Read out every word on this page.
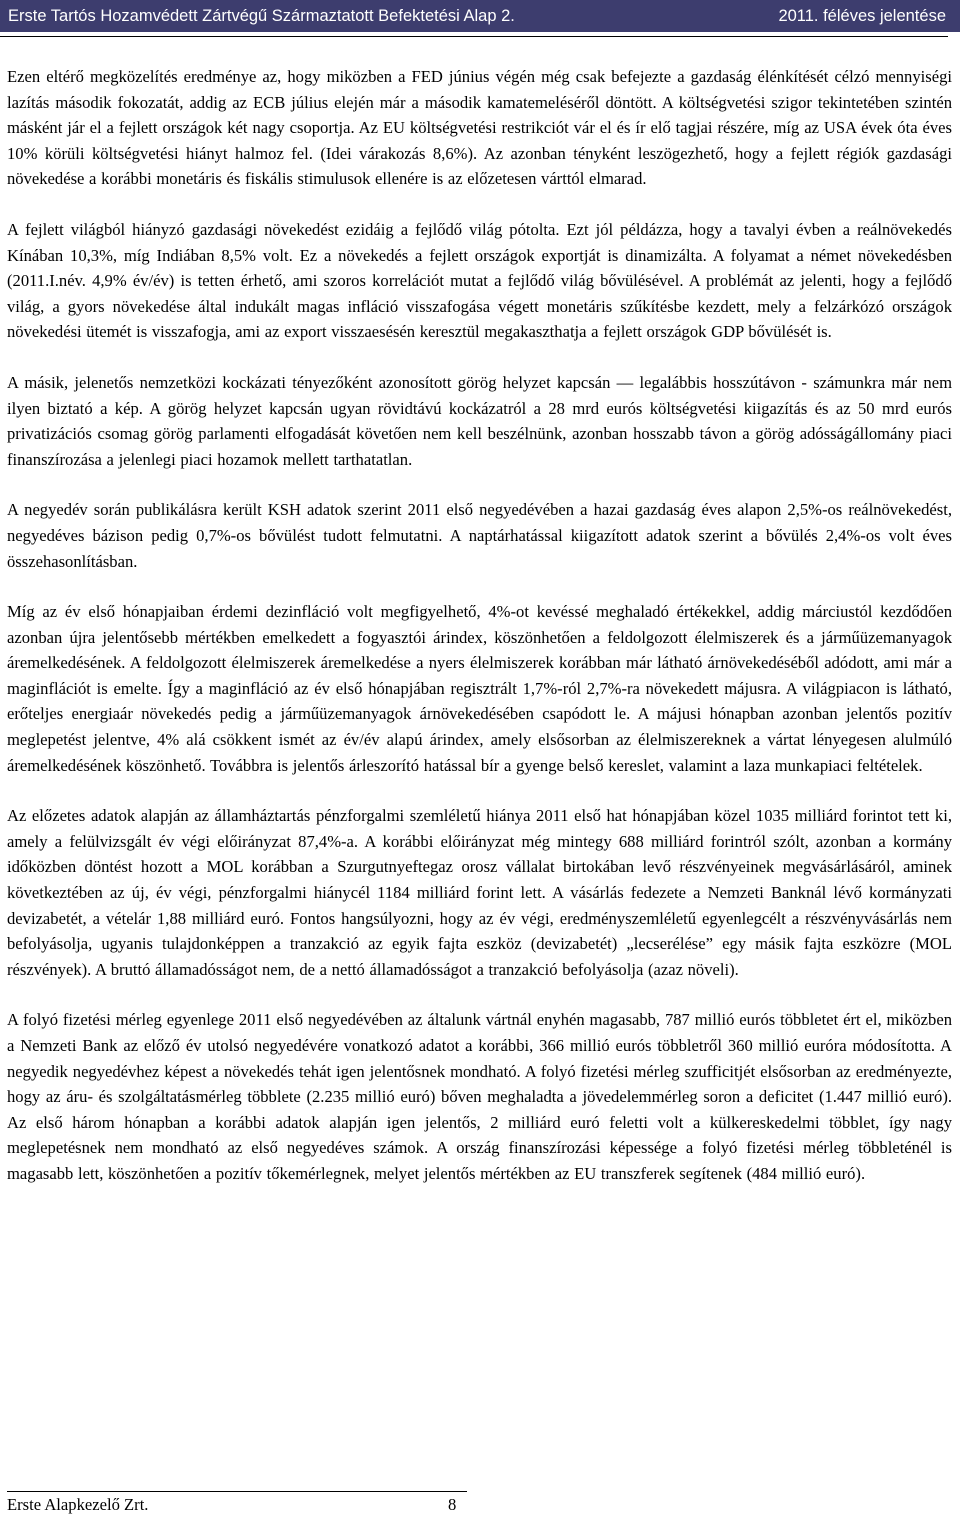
Erste Tartós Hozamvédett Zártvégű Származtatott Befektetési Alap 2.	2011. féléves jelentése

Ezen eltérő megközelítés eredménye az, hogy miközben a FED június végén még csak befejezte a gazdaság élénkítését célzó mennyiségi lazítás második fokozatát, addig az ECB július elején már a második kamatemeléséről döntött. A költségvetési szigor tekintetében szintén másként jár el a fejlett országok két nagy csoportja. Az EU költségvetési restrikciót vár el és ír elő tagjai részére, míg az USA évek óta éves 10% körüli költségvetési hiányt halmoz fel. (Idei várakozás 8,6%). Az azonban tényként leszögezhető, hogy a fejlett régiók gazdasági növekedése a korábbi monetáris és fiskális stimulusok ellenére is az előzetesen várttól elmarad.

A fejlett világból hiányzó gazdasági növekedést ezidáig a fejlődő világ pótolta. Ezt jól példázza, hogy a tavalyi évben a reálnövekedés Kínában 10,3%, míg Indiában 8,5% volt. Ez a növekedés a fejlett országok exportját is dinamizálta. A folyamat a német növekedésben (2011.I.név. 4,9% év/év) is tetten érhető, ami szoros korrelációt mutat a fejlődő világ bővülésével. A problémát az jelenti, hogy a fejlődő világ, a gyors növekedése által indukált magas infláció visszafogása végett monetáris szűkítésbe kezdett, mely a felzárkózó országok növekedési ütemét is visszafogja, ami az export visszaesésén keresztül megakaszthatja a fejlett országok GDP bővülését is.

A másik, jelenetős nemzetközi kockázati tényezőként azonosított görög helyzet kapcsán — legalábbis hosszútávon - számunkra már nem ilyen biztató a kép. A görög helyzet kapcsán ugyan rövidtávú kockázatról a 28 mrd eurós költségvetési kiigazítás és az 50 mrd eurós privatizációs csomag görög parlamenti elfogadását követően nem kell beszélnünk, azonban hosszabb távon a görög adósságállomány piaci finanszírozása a jelenlegi piaci hozamok mellett tarthatatlan.

A negyedév során publikálásra került KSH adatok szerint 2011 első negyedévében a hazai gazdaság éves alapon 2,5%-os reálnövekedést, negyedéves bázison pedig 0,7%-os bővülést tudott felmutatni. A naptárhatással kiigazított adatok szerint a bővülés 2,4%-os volt éves összehasonlításban.

Míg az év első hónapjaiban érdemi dezinfláció volt megfigyelhető, 4%-ot kevéssé meghaladó értékekkel, addig márciustól kezdődően azonban újra jelentősebb mértékben emelkedett a fogyasztói árindex, köszönhetően a feldolgozott élelmiszerek és a járműüzemanyagok áremelkedésének. A feldolgozott élelmiszerek áremelkedése a nyers élelmiszerek korábban már látható árnövekedéséből adódott, ami már a maginflációt is emelte. Így a maginfláció az év első hónapjában regisztrált 1,7%-ról 2,7%-ra növekedett májusra. A világpiacon is látható, erőteljes energiaár növekedés pedig a járműüzemanyagok árnövekedésében csapódott le. A májusi hónapban azonban jelentős pozitív meglepetést jelentve, 4% alá csökkent ismét az év/év alapú árindex, amely elsősorban az élelmiszereknek a vártat lényegesen alulmúló áremelkedésének köszönhető. Továbbra is jelentős árleszorító hatással bír a gyenge belső kereslet, valamint a laza munkapiaci feltételek.

Az előzetes adatok alapján az államháztartás pénzforgalmi szemléletű hiánya 2011 első hat hónapjában közel 1035 milliárd forintot tett ki, amely a felülvizsgált év végi előirányzat 87,4%-a. A korábbi előirányzat még mintegy 688 milliárd forintról szólt, azonban a kormány időközben döntést hozott a MOL korábban a Szurgutnyeftegaz orosz vállalat birtokában levő részvényeinek megvásárlásáról, aminek következtében az új, év végi, pénzforgalmi hiánycél 1184 milliárd forint lett. A vásárlás fedezete a Nemzeti Banknál lévő kormányzati devizabetét, a vételár 1,88 milliárd euró. Fontos hangsúlyozni, hogy az év végi, eredményszemléletű egyenlegcélt a részvényvásárlás nem befolyásolja, ugyanis tulajdonképpen a tranzakció az egyik fajta eszköz (devizabetét) „lecserélése” egy másik fajta eszközre (MOL részvények). A bruttó államadósságot nem, de a nettó államadósságot a tranzakció befolyásolja (azaz növeli).

A folyó fizetési mérleg egyenlege 2011 első negyedévében az általunk vártnál enyhén magasabb, 787 millió eurós többletet ért el, miközben a Nemzeti Bank az előző év utolsó negyedévére vonatkozó adatot a korábbi, 366 millió eurós többletről 360 millió euróra módosította. A negyedik negyedévhez képest a növekedés tehát igen jelentősnek mondható. A folyó fizetési mérleg szufficitjét elsősorban az eredményezte, hogy az áru- és szolgáltatásmérleg többlete (2.235 millió euró) bőven meghaladta a jövedelemmérleg soron a deficitet (1.447 millió euró). Az első három hónapban a korábbi adatok alapján igen jelentős, 2 milliárd euró feletti volt a külkereskedelmi többlet, így nagy meglepetésnek nem mondható az első negyedéves számok. A ország finanszírozási képessége a folyó fizetési mérleg többleténél is magasabb lett, köszönhetően a pozitív tőkemérlegnek, melyet jelentős mértékben az EU transzferek segítenek (484 millió euró).

Erste Alapkezelő Zrt.	8
